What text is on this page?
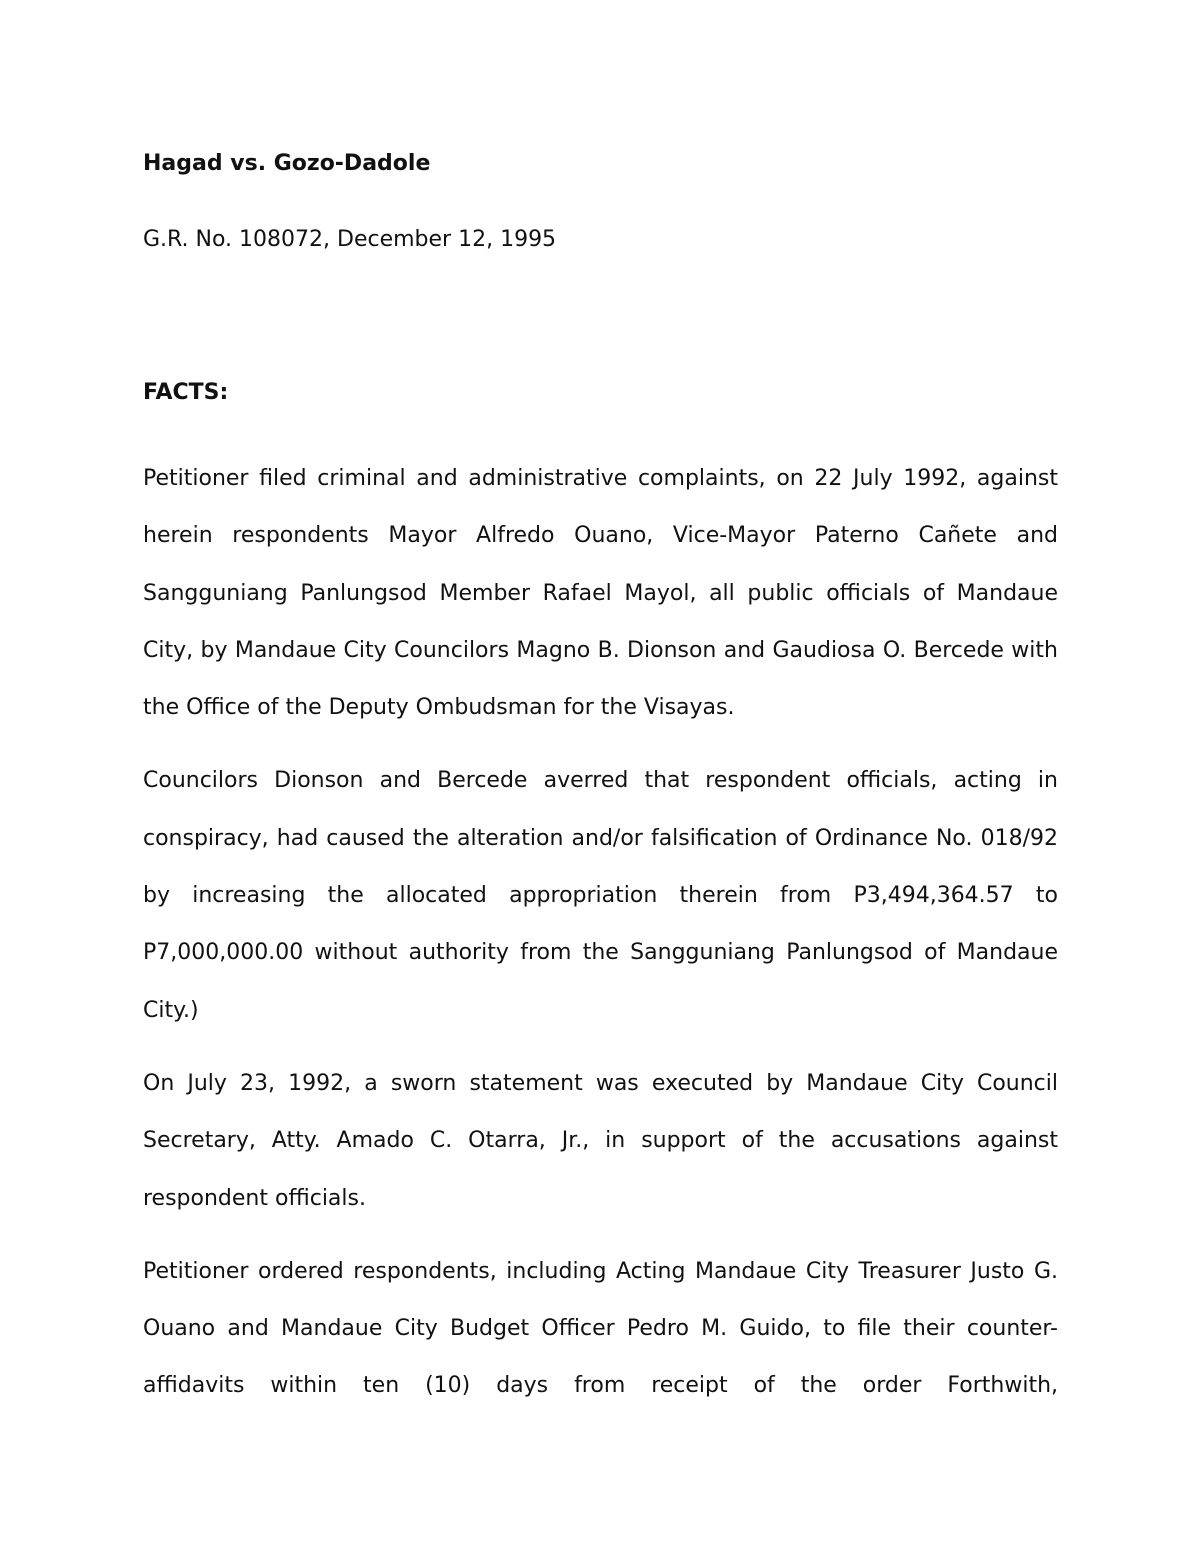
Hagad vs. Gozo-Dadole

G.R. No. 108072, December 12, 1995

FACTS:

Petitioner filed criminal and administrative complaints, on 22 July 1992, against herein respondents Mayor Alfredo Ouano, Vice-Mayor Paterno Cañete and Sangguniang Panlungsod Member Rafael Mayol, all public officials of Mandaue City, by Mandaue City Councilors Magno B. Dionson and Gaudiosa O. Bercede with the Office of the Deputy Ombudsman for the Visayas.

Councilors Dionson and Bercede averred that respondent officials, acting in conspiracy, had caused the alteration and/or falsification of Ordinance No. 018/92 by increasing the allocated appropriation therein from P3,494,364.57 to P7,000,000.00 without authority from the Sangguniang Panlungsod of Mandaue City.)

On July 23, 1992, a sworn statement was executed by Mandaue City Council Secretary, Atty. Amado C. Otarra, Jr., in support of the accusations against respondent officials.

Petitioner ordered respondents, including Acting Mandaue City Treasurer Justo G. Ouano and Mandaue City Budget Officer Pedro M. Guido, to file their counter-affidavits within ten (10) days from receipt of the order Forthwith,
